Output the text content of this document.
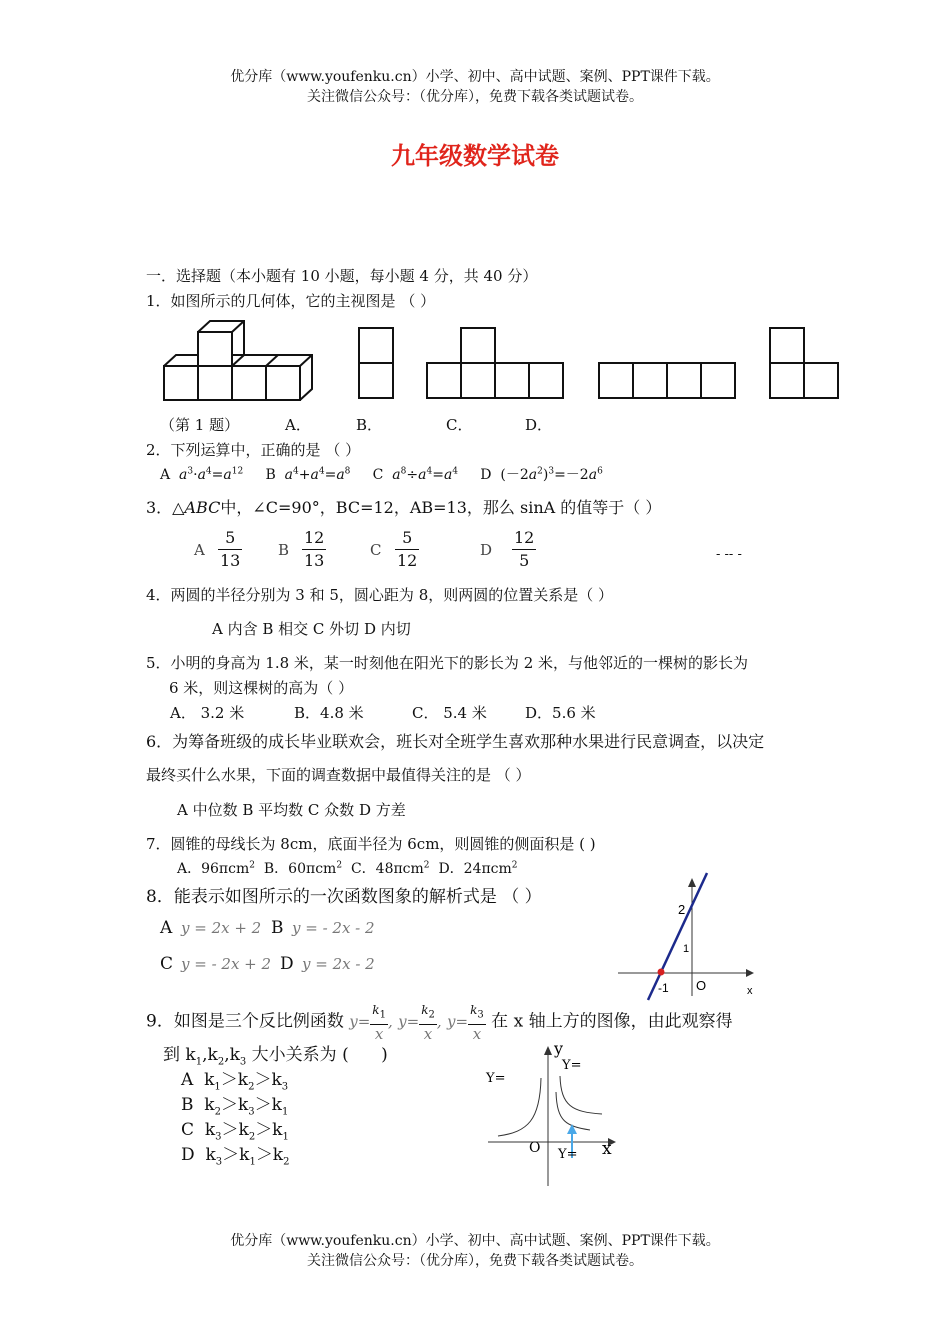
优分库（www.youfenku.cn）小学、初中、高中试题、案例、PPT课件下载。
关注微信公众号：（优分库），免费下载各类试题试卷。
九年级数学试卷
一．选择题（本小题有 10 小题，每小题 4 分，共 40 分）
1．如图所示的几何体，它的主视图是 （ ）
（第 1 题）	A．	B．	C．	D．
2．下列运算中，正确的是 （ ）
A  $a^3\cdot a^4=a^{12}$     B  $a^4+a^4=a^8$     C  $a^8\div a^4=a^4$     D  $(-2a^2)^3=-2a^6$
3．△ABC中，∠C=90°，BC=12，AB=13，那么 sinA 的值等于（ ）
A $\frac{5}{13}$ B $\frac{12}{13}$	C $\frac{5}{12}$	D $\frac{12}{5}$	- -- -
4．两圆的半径分别为 3 和 5，圆心距为 8，则两圆的位置关系是（ ）
A 内含 B 相交 C 外切 D 内切
5．小明的身高为 1.8 米，某一时刻他在阳光下的影长为 2 米，与他邻近的一棵树的影长为
6 米，则这棵树的高为（ ）
A． 3.2 米	B．4.8 米	C． 5.4 米	D．5.6 米
6．为筹备班级的成长毕业联欢会，班长对全班学生喜欢那种水果进行民意调查，以决定
最终买什么水果，下面的调查数据中最值得关注的是 （ ）
A 中位数 B 平均数 C 众数 D 方差
7．圆锥的母线长为 8cm，底面半径为 6cm，则圆锥的侧面积是 ( )
A．96πcm$^2$ B．60πcm$^2$ C．48πcm$^2$ D．24πcm$^2$
8．能表示如图所示的一次函数图象的解析式是 （ ）
A y = 2x + 2 B y = - 2x - 2
C y = - 2x + 2 D y = 2x - 2
2
1
-1 O	x
9．如图是三个反比例函数 $y= \frac{k_1}{x}$ , $y= \frac{k_2}{x}$ , $y= \frac{k_3}{x}$ 在 x 轴上方的图像，由此观察得
到 $k_1,k_2,k_3$ 大小关系为 (      )
A  $k_1>k_2>k_3$
B  $k_2>k_3>k_1$
C  $k_3>k_2>k_1$
D  $k_3>k_1>k_2$
y
x
O
Y=
Y=
Y=
优分库（www.youfenku.cn）小学、初中、高中试题、案例、PPT课件下载。
关注微信公众号：（优分库），免费下载各类试题试卷。
